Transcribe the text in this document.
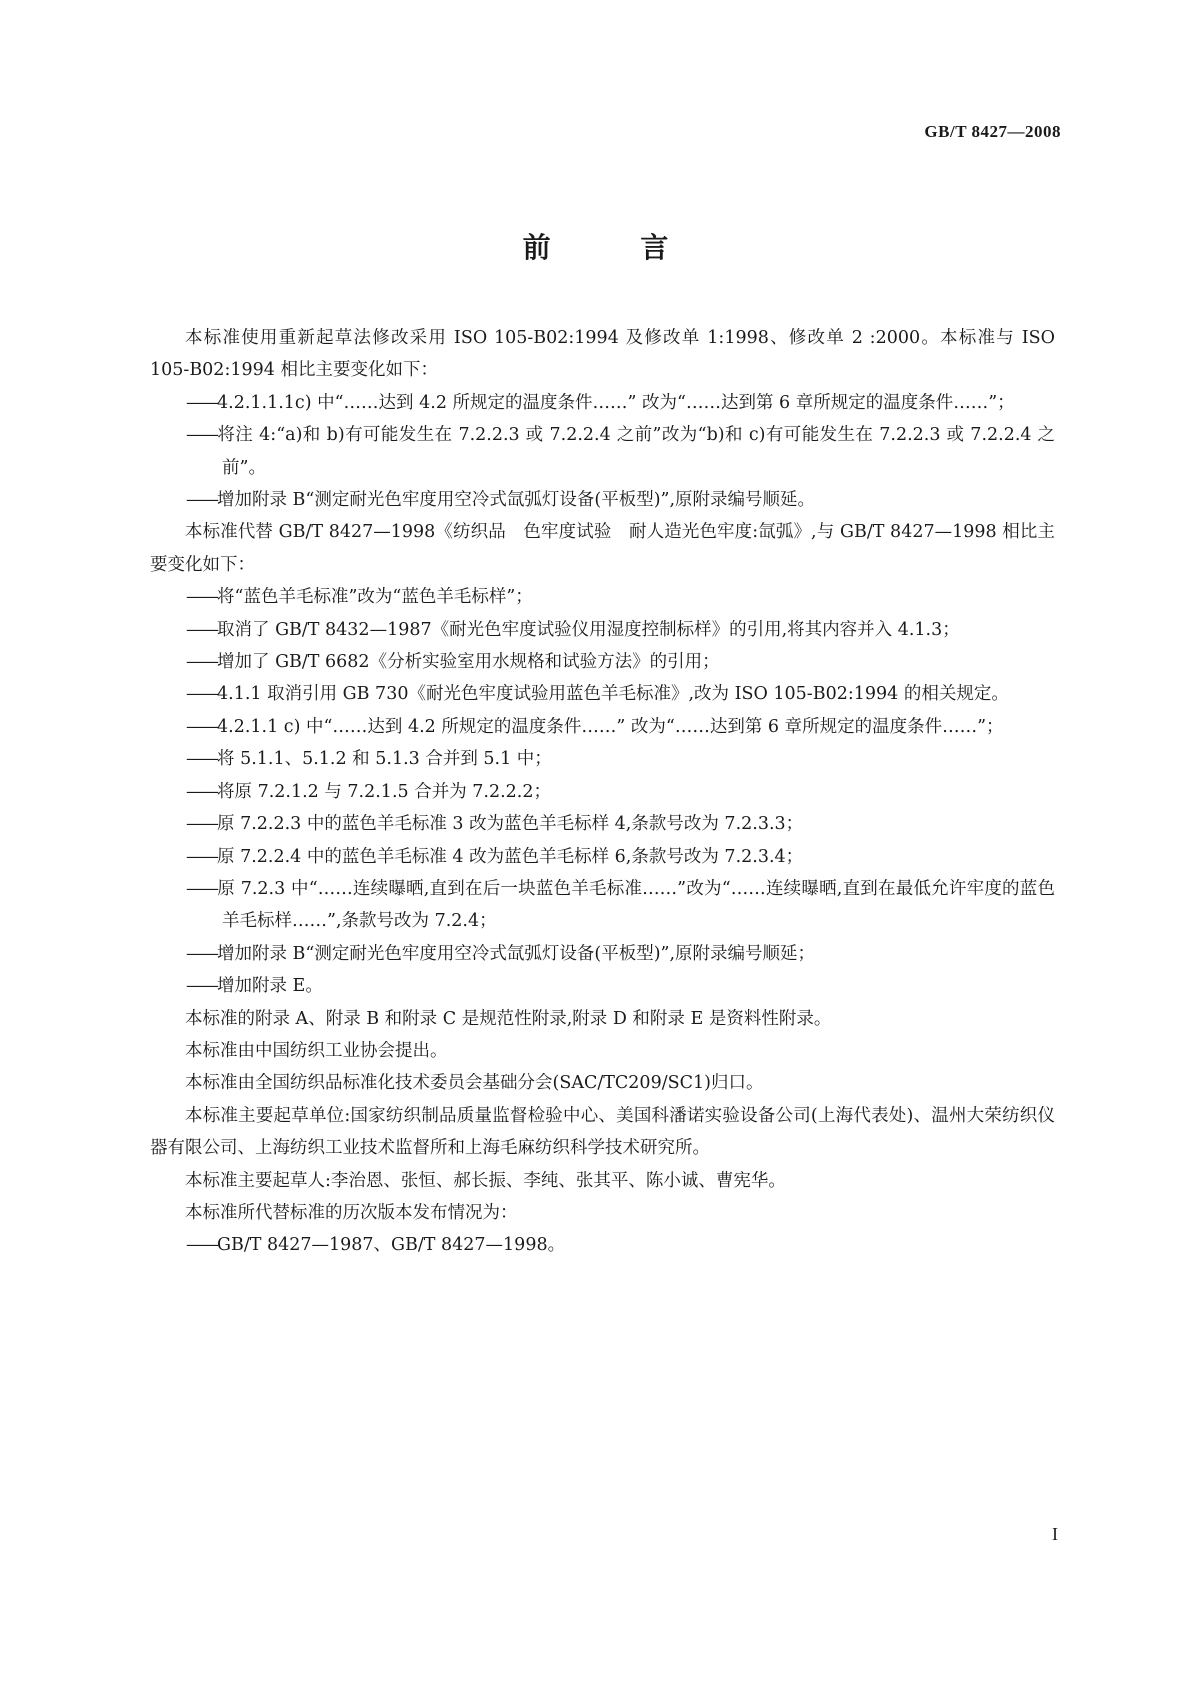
GB/T 8427—2008
前 言

本标准使用重新起草法修改采用 ISO 105-B02:1994 及修改单 1:1998、修改单 2 :2000。本标准与 ISO 105-B02:1994 相比主要变化如下：

——4.2.1.1.1c) 中“……达到 4.2 所规定的温度条件……” 改为“……达到第 6 章所规定的温度条件……”；

——将注 4:“a)和 b)有可能发生在 7.2.2.3 或 7.2.2.4 之前”改为“b)和 c)有可能发生在 7.2.2.3 或 7.2.2.4 之前”。

——增加附录 B“测定耐光色牢度用空冷式氙弧灯设备(平板型)”,原附录编号顺延。

本标准代替 GB/T 8427—1998《纺织品　色牢度试验　耐人造光色牢度:氙弧》,与 GB/T 8427—1998 相比主要变化如下：

——将“蓝色羊毛标准”改为“蓝色羊毛标样”；

——取消了 GB/T 8432—1987《耐光色牢度试验仪用湿度控制标样》的引用,将其内容并入 4.1.3；

——增加了 GB/T 6682《分析实验室用水规格和试验方法》的引用；

——4.1.1 取消引用 GB 730《耐光色牢度试验用蓝色羊毛标准》,改为 ISO 105-B02:1994 的相关规定。

——4.2.1.1 c) 中“……达到 4.2 所规定的温度条件……” 改为“……达到第 6 章所规定的温度条件……”；

——将 5.1.1、5.1.2 和 5.1.3 合并到 5.1 中；

——将原 7.2.1.2 与 7.2.1.5 合并为 7.2.2.2；

——原 7.2.2.3 中的蓝色羊毛标准 3 改为蓝色羊毛标样 4,条款号改为 7.2.3.3；

——原 7.2.2.4 中的蓝色羊毛标准 4 改为蓝色羊毛标样 6,条款号改为 7.2.3.4；

——原 7.2.3 中“……连续曝晒,直到在后一块蓝色羊毛标准……”改为“……连续曝晒,直到在最低允许牢度的蓝色羊毛标样……”,条款号改为 7.2.4；

——增加附录 B“测定耐光色牢度用空冷式氙弧灯设备(平板型)”,原附录编号顺延；

——增加附录 E。

本标准的附录 A、附录 B 和附录 C 是规范性附录,附录 D 和附录 E 是资料性附录。

本标准由中国纺织工业协会提出。

本标准由全国纺织品标准化技术委员会基础分会(SAC/TC209/SC1)归口。

本标准主要起草单位:国家纺织制品质量监督检验中心、美国科潘诺实验设备公司(上海代表处)、温州大荣纺织仪器有限公司、上海纺织工业技术监督所和上海毛麻纺织科学技术研究所。

本标准主要起草人:李治恩、张恒、郝长振、李纯、张其平、陈小诚、曹宪华。

本标准所代替标准的历次版本发布情况为：

——GB/T 8427—1987、GB/T 8427—1998。

I
